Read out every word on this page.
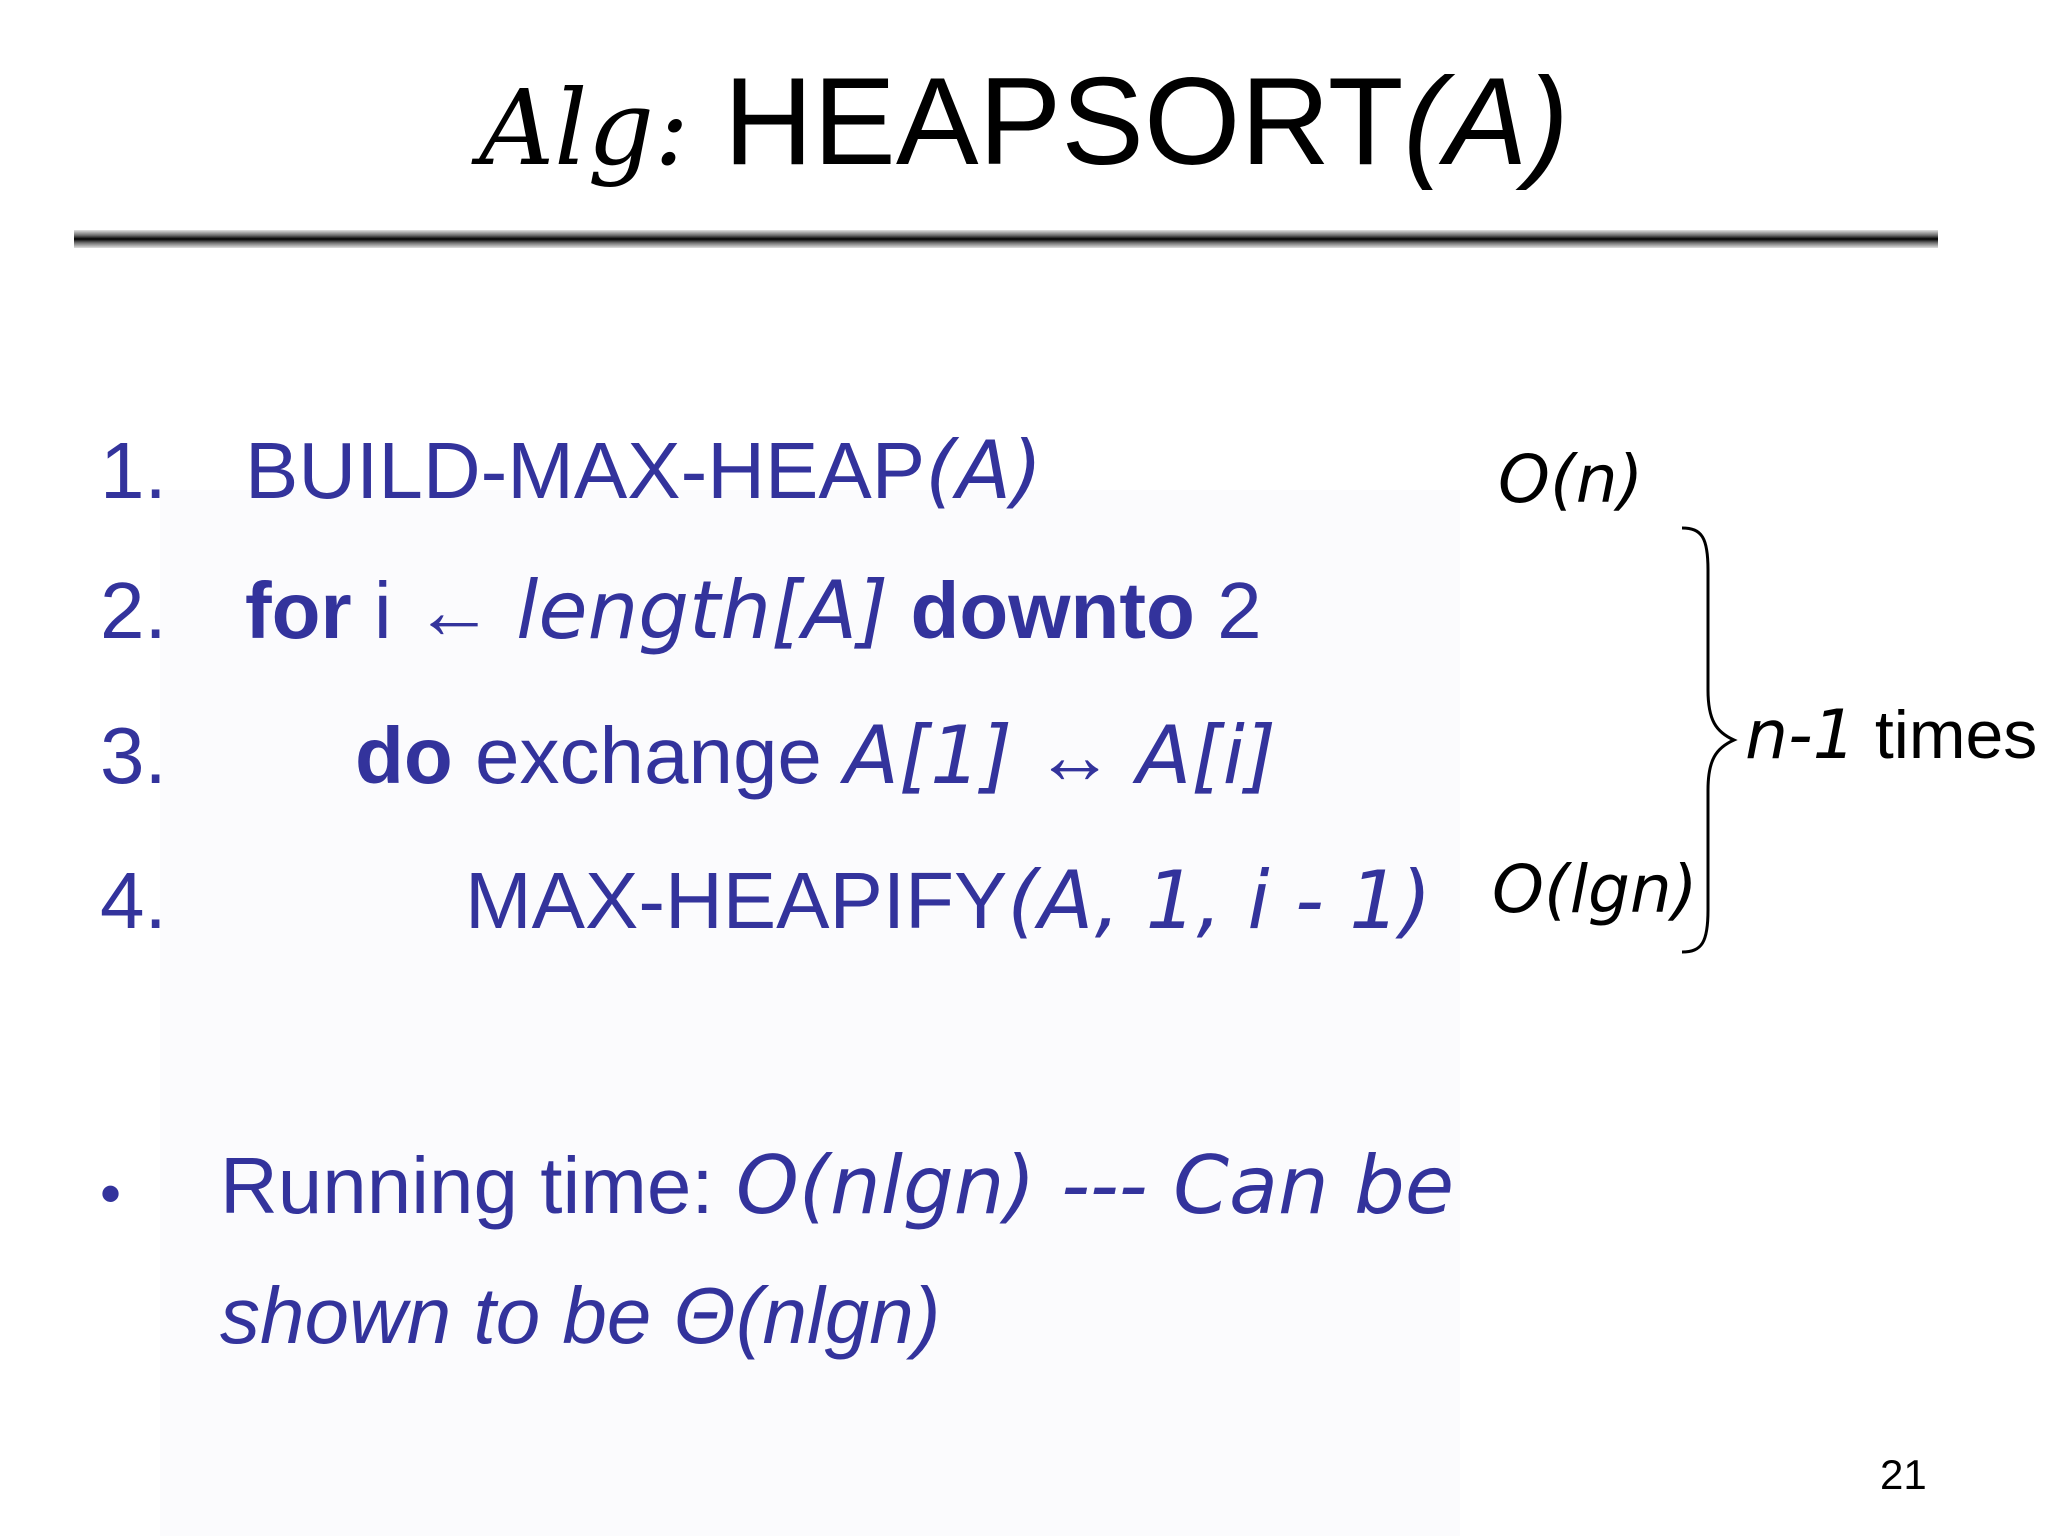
Alg: HEAPSORT(A)
1. BUILD-MAX-HEAP(A)
2. for i ← length[A] downto 2
3. do exchange A[1] ↔ A[i]
4.	MAX-HEAPIFY(A, 1, i - 1)
O(n)
O(lgn)
n-1 times
• Running time: O(nlgn) --- Can be
shown to be Θ(nlgn)
21
